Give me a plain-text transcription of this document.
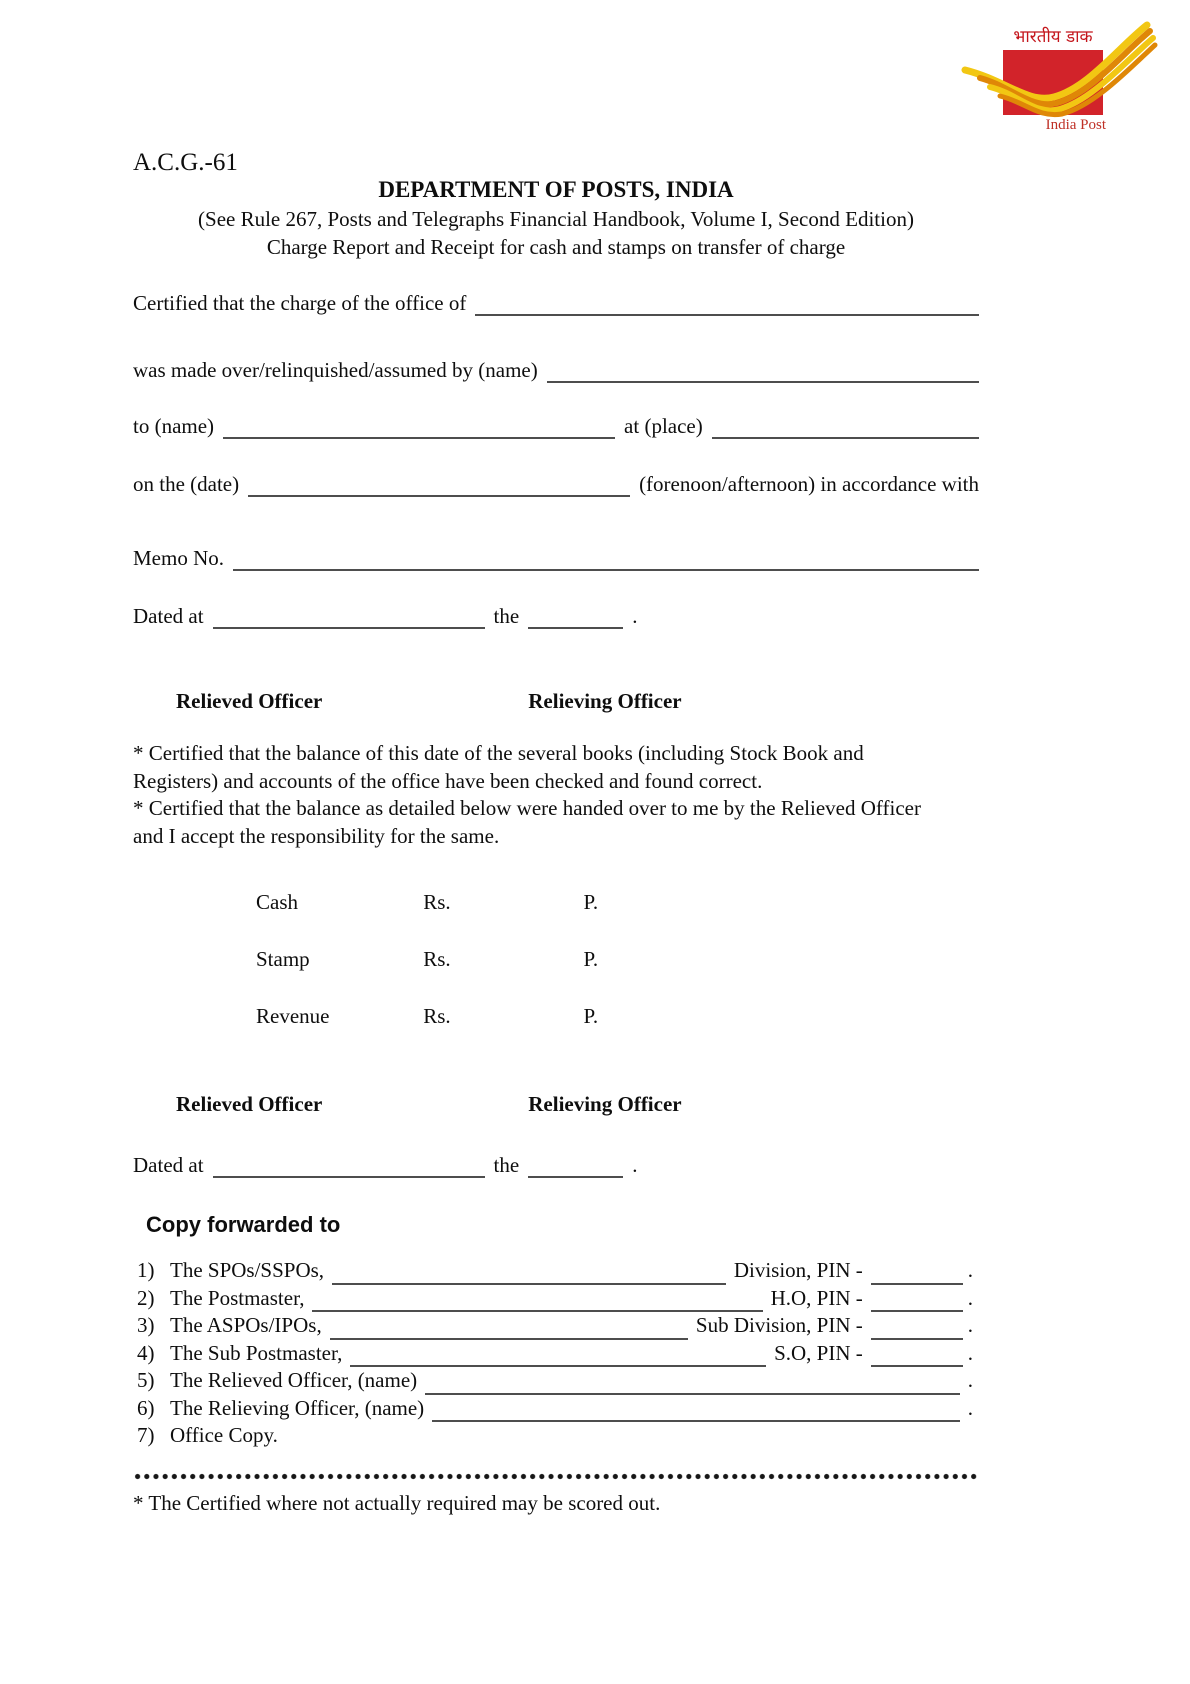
भारतीय डाक
India Post
A.C.G.-61
DEPARTMENT OF POSTS, INDIA
(See Rule 267, Posts and Telegraphs Financial Handbook, Volume I, Second Edition)
Charge Report and Receipt for cash and stamps on transfer of charge
Certified that the charge of the office of
was made over/relinquished/assumed by (name)
to (name)	at (place)
on the (date)	(forenoon/afternoon) in accordance with
Memo No.
Dated at	the	.
Relieved Officer	Relieving Officer
* Certified that the balance of this date of the several books (including Stock Book and Registers) and accounts of the office have been checked and found correct.
* Certified that the balance as detailed below were handed over to me by the Relieved Officer and I accept the responsibility for the same.
Cash	Rs.	P.
Stamp	Rs.	P.
Revenue	Rs.	P.
Relieved Officer	Relieving Officer
Dated at	the	.
Copy forwarded to
1) The SPOs/SSPOs,	Division, PIN -	.
2) The Postmaster,	H.O, PIN -	.
3) The ASPOs/IPOs,	Sub Division, PIN -	.
4) The Sub Postmaster,	S.O, PIN -	.
5) The Relieved Officer, (name)	.
6) The Relieving Officer, (name)	.
7) Office Copy.
* The Certified where not actually required may be scored out.
